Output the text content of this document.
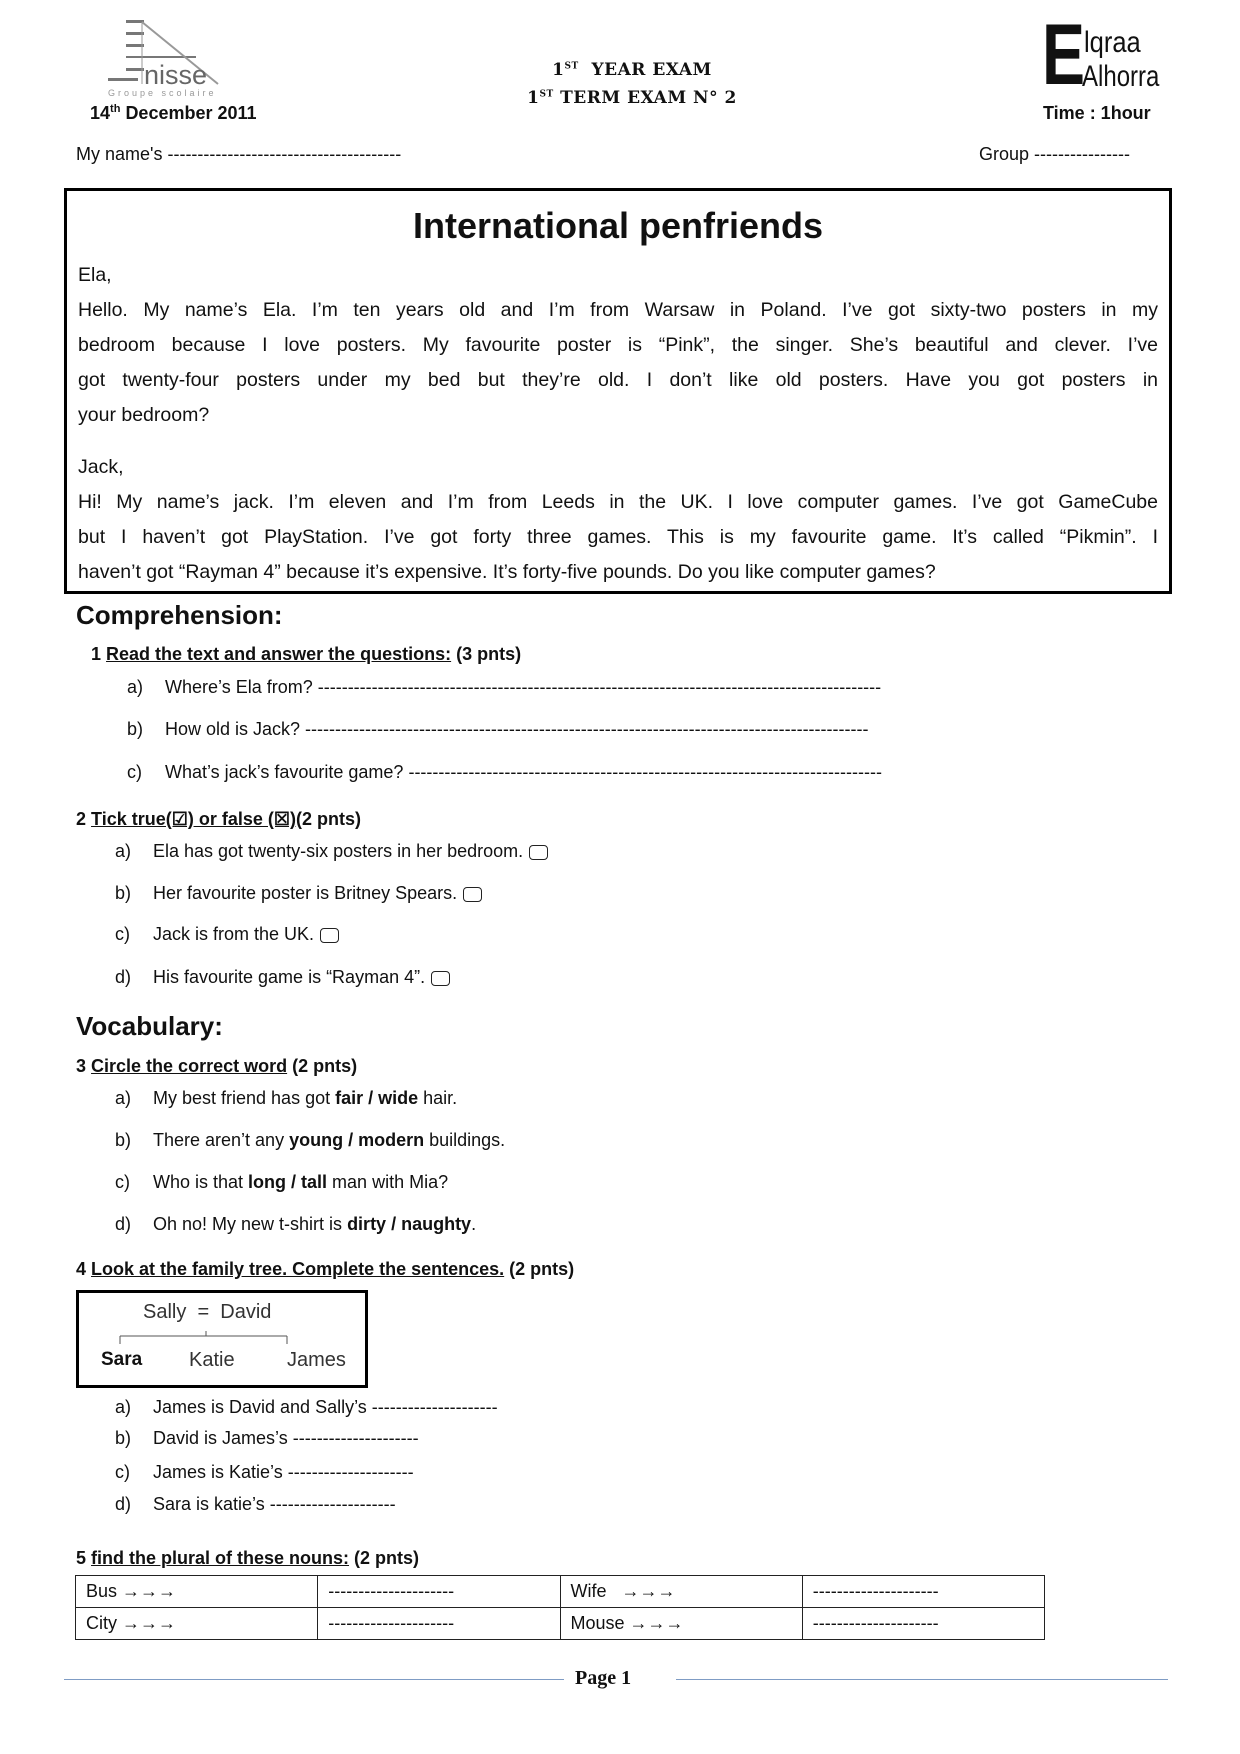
nisse
Groupe scolaire
14th December 2011
1ST YEAR EXAM
1ST TERM EXAM N° 2	E
lqraa
Alhorra
Time : 1hour
My name's ---------------------------------------	Group ----------------
International penfriends
Ela,
Hello. My name’s Ela. I’m ten years old and I’m from Warsaw in Poland. I’ve got sixty-two posters in my
bedroom because I love posters. My favourite poster is “Pink”, the singer. She’s beautiful and clever. I’ve
got twenty-four posters under my bed but they’re old. I don’t like old posters. Have you got posters in
your bedroom?
Jack,
Hi! My name’s jack. I’m eleven and I’m from Leeds in the UK. I love computer games. I’ve got GameCube
but I haven’t got PlayStation. I’ve got forty three games. This is my favourite game. It’s called “Pikmin”. I
haven’t got “Rayman 4” because it’s expensive. It’s forty-five pounds. Do you like computer games?
Comprehension:
1 Read the text and answer the questions: (3 pnts)
a) Where’s Ela from? ----------------------------------------------------------------------------------------------
b) How old is Jack? ----------------------------------------------------------------------------------------------
c) What’s jack’s favourite game? -------------------------------------------------------------------------------
2 Tick true(☑) or false (☒)(2 pnts)
a) Ela has got twenty-six posters in her bedroom.
b) Her favourite poster is Britney Spears.
c) Jack is from the UK.
d) His favourite game is “Rayman 4”.
Vocabulary:
3 Circle the correct word (2 pnts)
a) My best friend has got fair / wide hair.
b) There aren’t any young / modern buildings.
c) Who is that long / tall man with Mia?
d) Oh no! My new t-shirt is dirty / naughty.
4 Look at the family tree. Complete the sentences. (2 pnts)
Sally  =  David
Sara Katie	James
a) James is David and Sally’s ---------------------
b) David is James’s ---------------------
c) James is Katie’s ---------------------
d) Sara is katie’s ---------------------
5 find the plural of these nouns: (2 pnts)
Bus →→→	---------------------	Wife   →→→	---------------------
City →→→	---------------------	Mouse →→→	---------------------
Page 1
